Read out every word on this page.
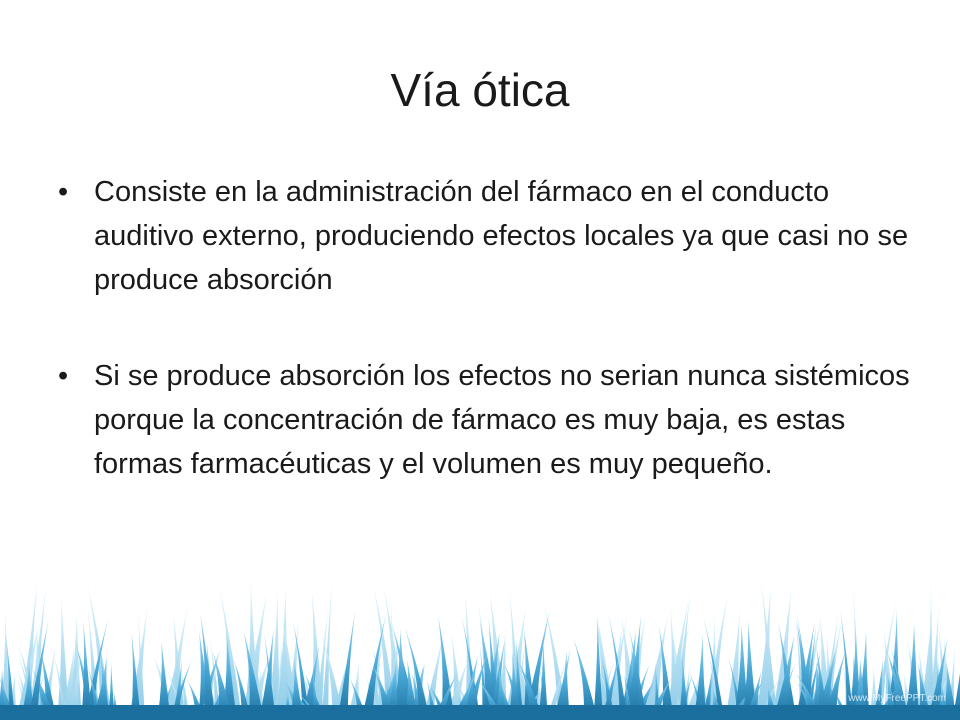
Vía ótica
• Consiste en la administración del fármaco en el conducto auditivo externo, produciendo efectos locales ya que casi no se produce absorción
• Si se produce absorción los efectos no serian nunca sistémicos porque la concentración de fármaco es muy baja, es estas formas farmacéuticas y el volumen es muy pequeño.
www.MyFreePPT.com
